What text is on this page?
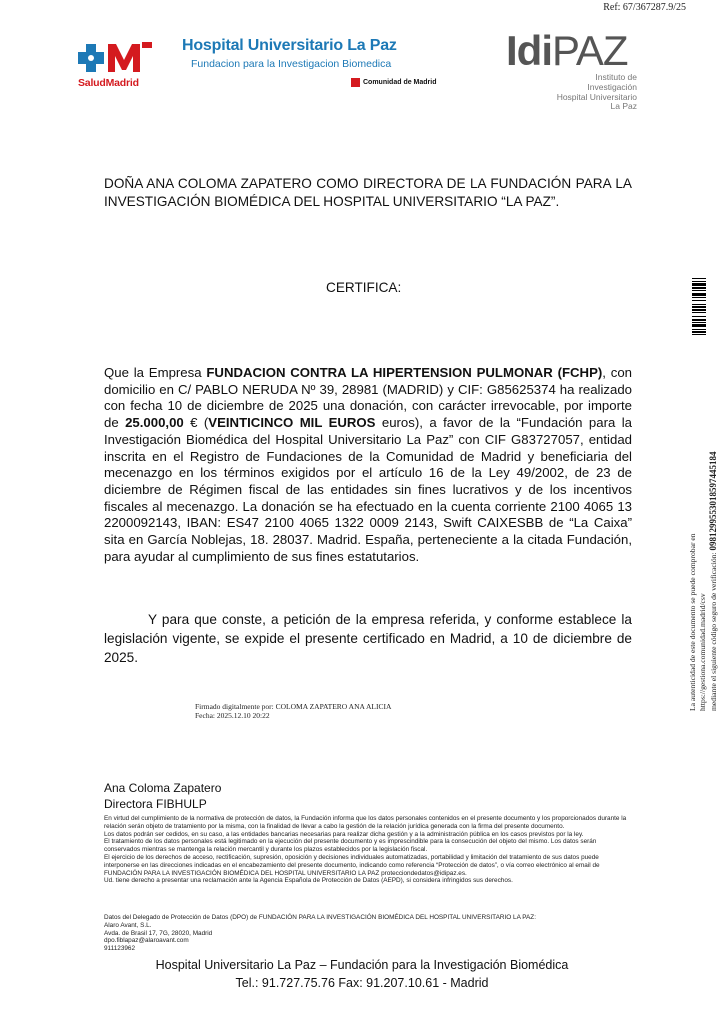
Ref: 67/367287.9/25
SaludMadrid
Hospital Universitario La Paz
Fundacion para la Investigacion Biomedica
Comunidad de Madrid
IdiPAZ
Instituto de Investigación
Hospital Universitario La Paz
DOÑA ANA COLOMA ZAPATERO COMO DIRECTORA DE LA FUNDACIÓN PARA LA INVESTIGACIÓN BIOMÉDICA DEL HOSPITAL UNIVERSITARIO “LA PAZ”.
CERTIFICA:
Que la Empresa FUNDACION CONTRA LA HIPERTENSION PULMONAR (FCHP), con domicilio en C/ PABLO NERUDA Nº 39, 28981 (MADRID) y CIF: G85625374 ha realizado con fecha 10 de diciembre de 2025 una donación, con carácter irrevocable, por importe de 25.000,00 € (VEINTICINCO MIL EUROS euros), a favor de la “Fundación para la Investigación Biomédica del Hospital Universitario La Paz” con CIF G83727057, entidad inscrita en el Registro de Fundaciones de la Comunidad de Madrid y beneficiaria del mecenazgo en los términos exigidos por el artículo 16 de la Ley 49/2002, de 23 de diciembre de Régimen fiscal de las entidades sin fines lucrativos y de los incentivos fiscales al mecenazgo. La donación se ha efectuado en la cuenta corriente 2100 4065 13 2200092143, IBAN: ES47 2100 4065 1322 0009 2143, Swift CAIXESBB de “La Caixa” sita en García Noblejas, 18. 28037. Madrid. España, perteneciente a la citada Fundación, para ayudar al cumplimiento de sus fines estatutarios.
Y para que conste, a petición de la empresa referida, y conforme establece la legislación vigente, se expide el presente certificado en Madrid, a 10 de diciembre de 2025.
Firmado digitalmente por: COLOMA ZAPATERO ANA ALICIA
Fecha: 2025.12.10 20:22
Ana Coloma Zapatero
Directora FIBHULP

En virtud del cumplimiento de la normativa de protección de datos, la Fundación informa que los datos personales contenidos en el presente documento y los proporcionados durante la relación serán objeto de tratamiento por la misma, con la finalidad de llevar a cabo la gestión de la relación jurídica generada con la firma del presente documento.

Los datos podrán ser cedidos, en su caso, a las entidades bancarias necesarias para realizar dicha gestión y a la administración pública en los casos previstos por la ley.

El tratamiento de los datos personales está legitimado en la ejecución del presente documento y es imprescindible para la consecución del objeto del mismo. Los datos serán conservados mientras se mantenga la relación mercantil y durante los plazos establecidos por la legislación fiscal.

El ejercicio de los derechos de acceso, rectificación, supresión, oposición y decisiones individuales automatizadas, portabilidad y limitación del tratamiento de sus datos puede interponerse en las direcciones indicadas en el encabezamiento del presente documento, indicando como referencia “Protección de datos”, o vía correo electrónico al email de FUNDACIÓN PARA LA INVESTIGACIÓN BIOMÉDICA DEL HOSPITAL UNIVERSITARIO LA PAZ protecciondedatos@idipaz.es.

Ud. tiene derecho a presentar una reclamación ante la Agencia Española de Protección de Datos (AEPD), si considera infringidos sus derechos.

Datos del Delegado de Protección de Datos (DPO) de FUNDACIÓN PARA LA INVESTIGACIÓN BIOMÉDICA DEL HOSPITAL UNIVERSITARIO LA PAZ:
Alaro Avant, S.L.
Avda. de Brasil 17, 7G, 28020, Madrid
dpo.fiblapaz@alaroavant.com
911123962
Hospital Universitario La Paz – Fundación para la Investigación Biomédica
Tel.: 91.727.75.76 Fax: 91.207.10.61 - Madrid
La autenticidad de este documento se puede comprobar en https://gestiona.comunidad.madrid/csv mediante el siguiente código seguro de verificación: 0981299553018597445184
